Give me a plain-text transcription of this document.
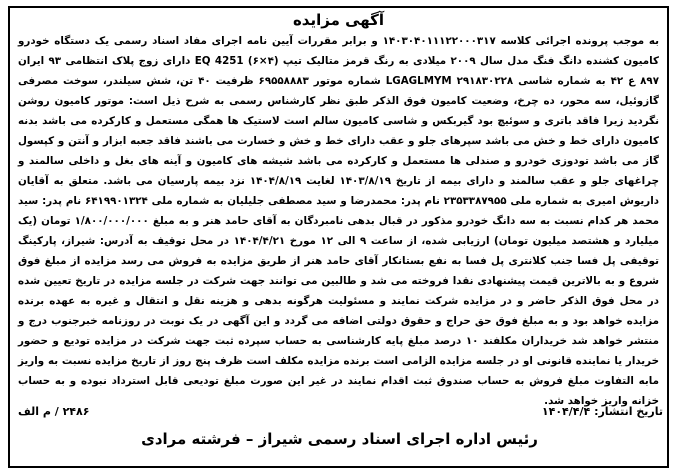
آگهی مزایده

به موجب پرونده اجرائی کلاسه ۱۴۰۳۰۴۰۱۱۱۲۲۰۰۰۳۱۷ و برابر مقررات آیین نامه اجرای مفاد اسناد رسمی یک دستگاه خودرو کامیون کشنده دانگ فنگ مدل سال ۲۰۰۹ میلادی به رنگ قرمز متالیک تیپ (۴×۶) EQ 4251 دارای زوج پلاک انتظامی ۹۳ ایران ۸۹۷ ع ۴۲ به شماره شاسی LGAGLMYM ۲۹۱۸۳۰۲۲۸ شماره موتور ۶۹۵۵۸۸۸۳ ظرفیت ۴۰ تن، شش سیلندر، سوخت مصرفی گازوئیل، سه محور، ده چرخ، وضعیت کامیون فوق الذکر طبق نظر کارشناس رسمی به شرح ذیل است: موتور کامیون روشن نگردید زیرا فاقد باتری و سوئیچ بود گیربکس و شاسی کامیون سالم است لاستیک ها همگی مستعمل و کارکرده می باشد بدنه کامیون دارای خط و خش می باشد سپرهای جلو و عقب دارای خط و خش و خسارت می باشند فاقد جعبه ابزار و آنتن و کپسول گاز می باشد تودوزی خودرو و صندلی ها مستعمل و کارکرده می باشد شیشه های کامیون و آینه های بغل و داخلی سالمند و چراغهای جلو و عقب سالمند و دارای بیمه از تاریخ ۱۴۰۳/۸/۱۹ لغایت ۱۴۰۴/۸/۱۹ نزد بیمه پارسیان می باشد. متعلق به آقایان داریوش امیری به شماره ملی ۲۳۵۳۳۸۷۹۵۵ نام پدر: محمدرضا و سید مصطفی جلیلیان به شماره ملی ۶۴۱۹۹۰۱۳۲۴ نام پدر: سید محمد هر کدام نسبت به سه دانگ خودرو مذکور در قبال بدهی نامبردگان به آقای حامد هنر و به مبلغ ۱/۸۰۰/۰۰۰/۰۰۰ تومان (یک میلیارد و هشتصد میلیون تومان) ارزیابی شده، از ساعت ۹ الی ۱۲ مورخ ۱۴۰۴/۴/۲۱ در محل توقیف به آدرس: شیراز، پارکینگ توقیفی پل فسا جنب کلانتری پل فسا به نفع بستانکار آقای حامد هنر از طریق مزایده به فروش می رسد مزایده از مبلغ فوق شروع و به بالاترین قیمت پیشنهادی نقدا فروخته می شد و طالبین می توانند جهت شرکت در جلسه مزایده در تاریخ تعیین شده در محل فوق الذکر حاضر و در مزایده شرکت نمایند و مسئولیت هرگونه بدهی و هزینه نقل و انتقال و غیره به عهده برنده مزایده خواهد بود و به مبلغ فوق حق حراج و حقوق دولتی اضافه می گردد و این آگهی در یک نوبت در روزنامه خبرجنوب درج و منتشر خواهد شد خریداران مکلفند ۱۰ درصد مبلغ پایه کارشناسی به حساب سپرده ثبت جهت شرکت در مزایده تودیع و حضور خریدار یا نماینده قانونی او در جلسه مزایده الزامی است برنده مزایده مکلف است ظرف پنج روز از تاریخ مزایده نسبت به واریز مابه التفاوت مبلغ فروش به حساب صندوق ثبت اقدام نمایند در غیر این صورت مبلغ تودیعی قابل استرداد نبوده و به حساب خزانه واریز خواهد شد.

تاریخ انتشار: ۱۴۰۴/۴/۴
۲۴۸۶ / م الف
رئیس اداره اجرای اسناد رسمی شیراز – فرشته مرادی
